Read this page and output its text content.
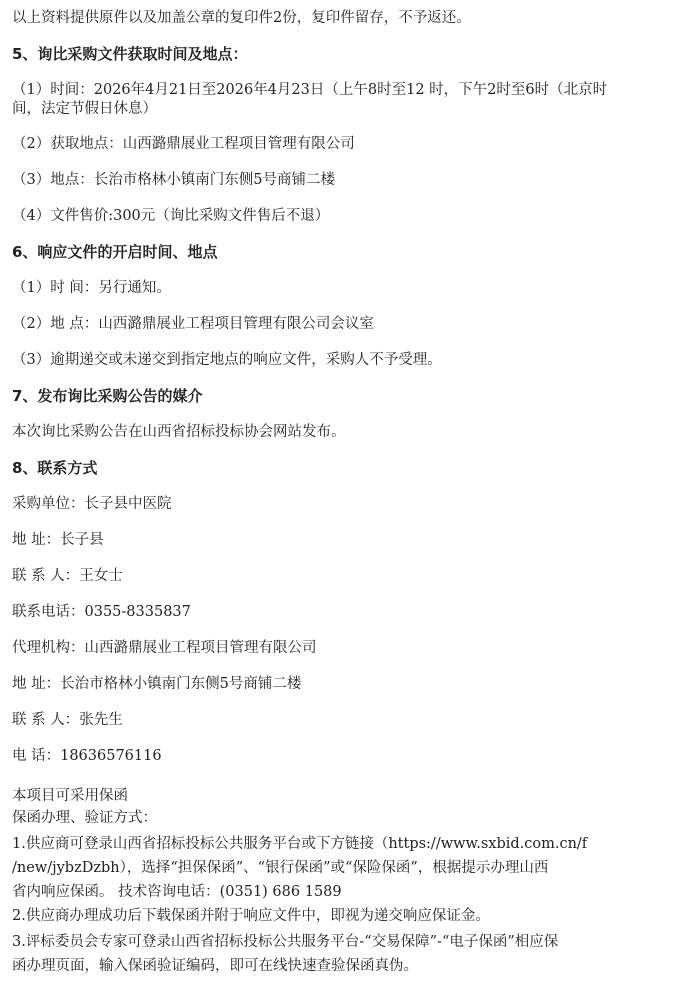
以上资料提供原件以及加盖公章的复印件2份，复印件留存，不予返还。
5、询比采购文件获取时间及地点：
（1）时间：2026年4月21日至2026年4月23日（上午8时至12 时，下午2时至6时（北京时
间，法定节假日休息）
（2）获取地点：山西潞鼎展业工程项目管理有限公司
（3）地点：长治市格林小镇南门东侧5号商铺二楼
（4）文件售价:300元（询比采购文件售后不退）
6、响应文件的开启时间、地点
（1）时 间：另行通知。
（2）地 点：山西潞鼎展业工程项目管理有限公司会议室
（3）逾期递交或未递交到指定地点的响应文件，采购人不予受理。
7、发布询比采购公告的媒介
本次询比采购公告在山西省招标投标协会网站发布。
8、联系方式
采购单位：长子县中医院
地 址：长子县
联 系 人：王女士
联系电话：0355-8335837
代理机构：山西潞鼎展业工程项目管理有限公司
地 址：长治市格林小镇南门东侧5号商铺二楼
联 系 人：张先生
电 话：18636576116
本项目可采用保函
保函办理、验证方式：
1.供应商可登录山西省招标投标公共服务平台或下方链接（https://www.sxbid.com.cn/f
/new/jybzDzbh），选择“担保保函”、“银行保函”或“保险保函”，根据提示办理山西
省内响应保函。 技术咨询电话：(0351) 686 1589
2.供应商办理成功后下载保函并附于响应文件中，即视为递交响应保证金。
3.评标委员会专家可登录山西省招标投标公共服务平台-“交易保障”-“电子保函”相应保
函办理页面，输入保函验证编码，即可在线快速查验保函真伪。
